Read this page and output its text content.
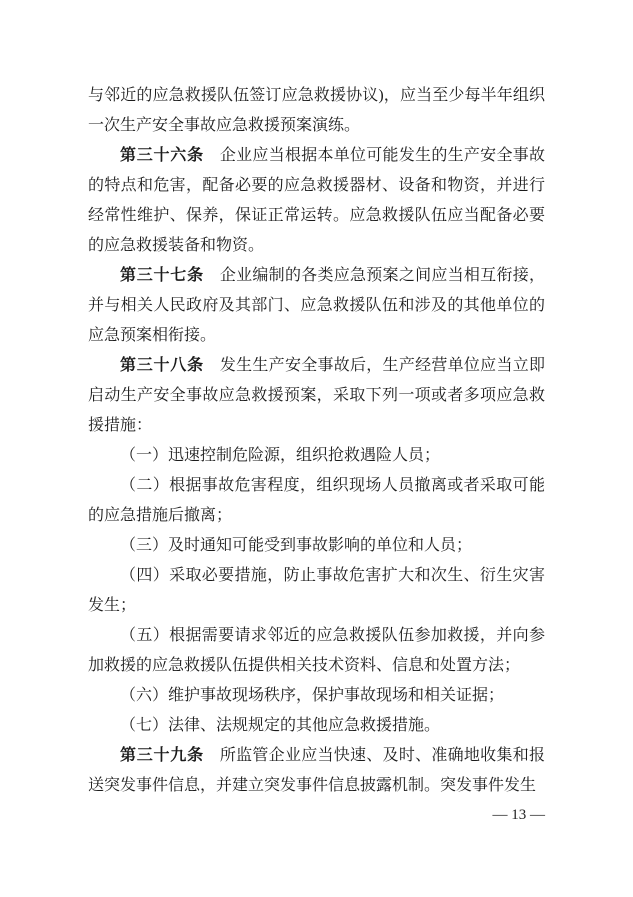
与邻近的应急救援队伍签订应急救援协议)，应当至少每半年组织一次生产安全事故应急救援预案演练。

第三十六条 企业应当根据本单位可能发生的生产安全事故的特点和危害，配备必要的应急救援器材、设备和物资，并进行经常性维护、保养，保证正常运转。应急救援队伍应当配备必要的应急救援装备和物资。

第三十七条 企业编制的各类应急预案之间应当相互衔接，并与相关人民政府及其部门、应急救援队伍和涉及的其他单位的应急预案相衔接。

第三十八条 发生生产安全事故后，生产经营单位应当立即启动生产安全事故应急救援预案，采取下列一项或者多项应急救援措施：

（一）迅速控制危险源，组织抢救遇险人员；

（二）根据事故危害程度，组织现场人员撤离或者采取可能的应急措施后撤离；

（三）及时通知可能受到事故影响的单位和人员；

（四）采取必要措施，防止事故危害扩大和次生、衍生灾害发生；

（五）根据需要请求邻近的应急救援队伍参加救援，并向参加救援的应急救援队伍提供相关技术资料、信息和处置方法；

（六）维护事故现场秩序，保护事故现场和相关证据；

（七）法律、法规规定的其他应急救援措施。

第三十九条 所监管企业应当快速、及时、准确地收集和报送突发事件信息，并建立突发事件信息披露机制。突发事件发生

— 13 —
